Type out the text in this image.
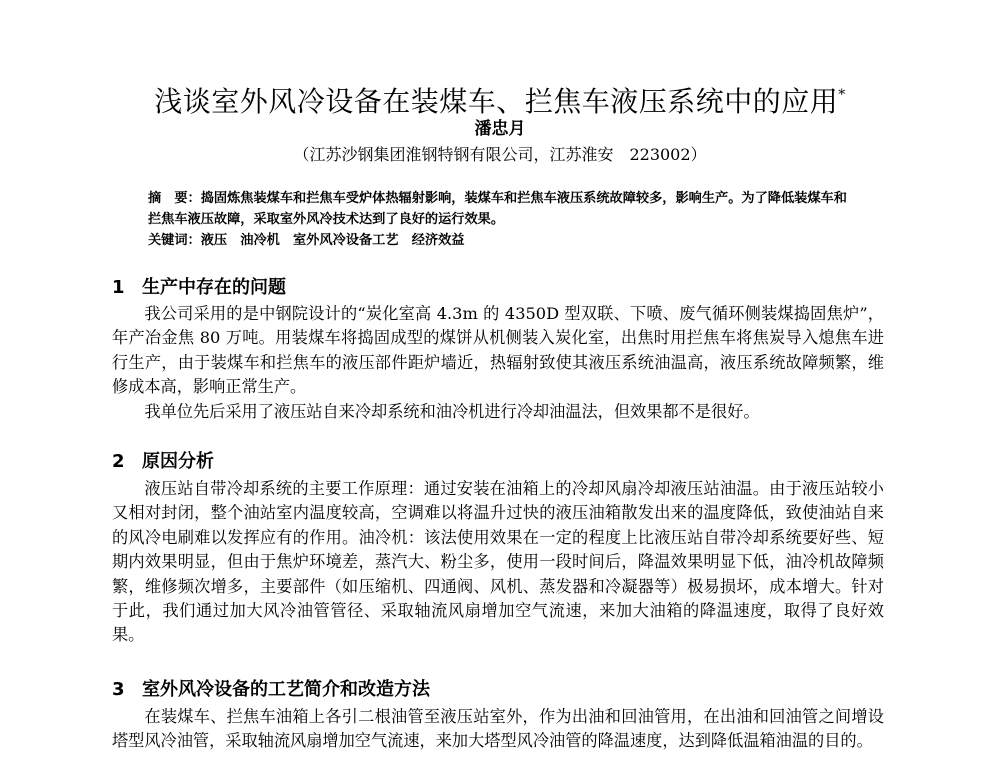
浅谈室外风冷设备在装煤车、拦焦车液压系统中的应用*
潘忠月
（江苏沙钢集团淮钢特钢有限公司，江苏淮安　223002）

摘　要：捣固炼焦装煤车和拦焦车受炉体热辐射影响，装煤车和拦焦车液压系统故障较多，影响生产。为了降低装煤车和拦焦车液压故障，采取室外风冷技术达到了良好的运行效果。

关键词：液压　油冷机　室外风冷设备工艺　经济效益

1 生产中存在的问题

我公司采用的是中钢院设计的“炭化室高 4.3m 的 4350D 型双联、下喷、废气循环侧装煤捣固焦炉”，年产冶金焦 80 万吨。用装煤车将捣固成型的煤饼从机侧装入炭化室，出焦时用拦焦车将焦炭导入熄焦车进行生产，由于装煤车和拦焦车的液压部件距炉墙近，热辐射致使其液压系统油温高，液压系统故障频繁，维修成本高，影响正常生产。

我单位先后采用了液压站自来冷却系统和油冷机进行冷却油温法，但效果都不是很好。

2 原因分析

液压站自带冷却系统的主要工作原理：通过安装在油箱上的冷却风扇冷却液压站油温。由于液压站较小又相对封闭，整个油站室内温度较高，空调难以将温升过快的液压油箱散发出来的温度降低，致使油站自来的风冷电刷难以发挥应有的作用。油冷机：该法使用效果在一定的程度上比液压站自带冷却系统要好些、短期内效果明显，但由于焦炉环境差，蒸汽大、粉尘多，使用一段时间后，降温效果明显下低，油冷机故障频繁，维修频次增多，主要部件（如压缩机、四通阀、风机、蒸发器和冷凝器等）极易损坏，成本增大。针对于此，我们通过加大风冷油管管径、采取轴流风扇增加空气流速，来加大油箱的降温速度，取得了良好效果。

3 室外风冷设备的工艺简介和改造方法

在装煤车、拦焦车油箱上各引二根油管至液压站室外，作为出油和回油管用，在出油和回油管之间增设塔型风冷油管，采取轴流风扇增加空气流速，来加大塔型风冷油管的降温速度，达到降低温箱油温的目的。
